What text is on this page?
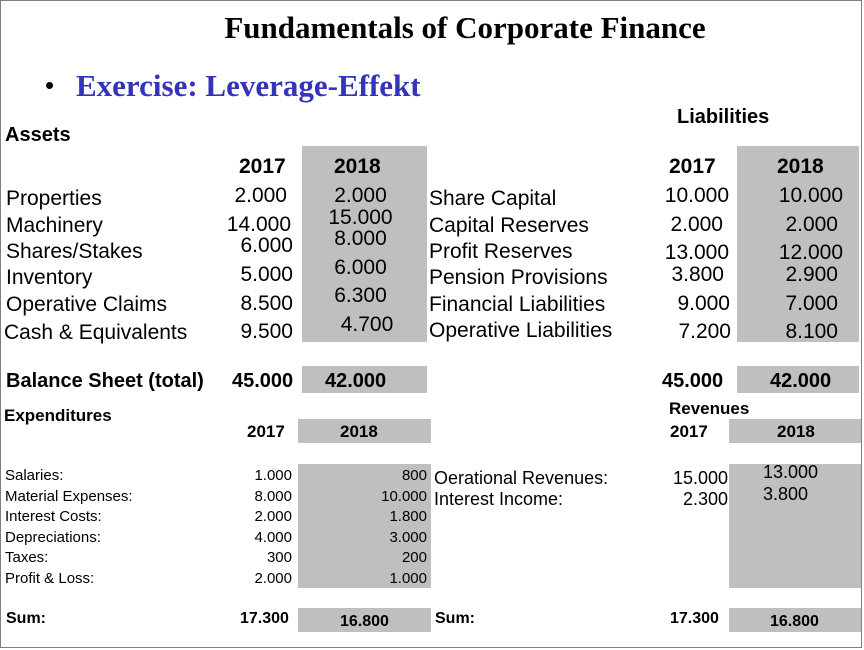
Fundamentals of Corporate Finance
• Exercise: Leverage-Effekt
Assets
Liabilities
2017 2018	2017	2018
Properties	2.000	2.000
Machinery	14.000	15.000
Shares/Stakes	6.000	8.000
Inventory	5.000	6.000
Operative Claims	8.500	6.300
Cash & Equivalents	9.500	4.700
Share Capital	10.000	10.000
Capital Reserves	2.000	2.000
Profit Reserves	13.000	12.000
Pension Provisions	3.800	2.900
Financial Liabilities	9.000	7.000
Operative Liabilities	7.200	8.100
Balance Sheet (total) 45.000 42.000	45.000 42.000
Expenditures	Revenues
2017	2018	2017	2018
Salaries:	1.000	800
Material Expenses:	8.000	10.000
Interest Costs:	2.000	1.800
Depreciations:	4.000	3.000
Taxes:	300	200
Profit & Loss:	2.000	1.000
Oerational Revenues:	15.000 13.000
Interest Income:	2.300 3.800
Sum:	17.300	16.800	Sum:	17.300	16.800
